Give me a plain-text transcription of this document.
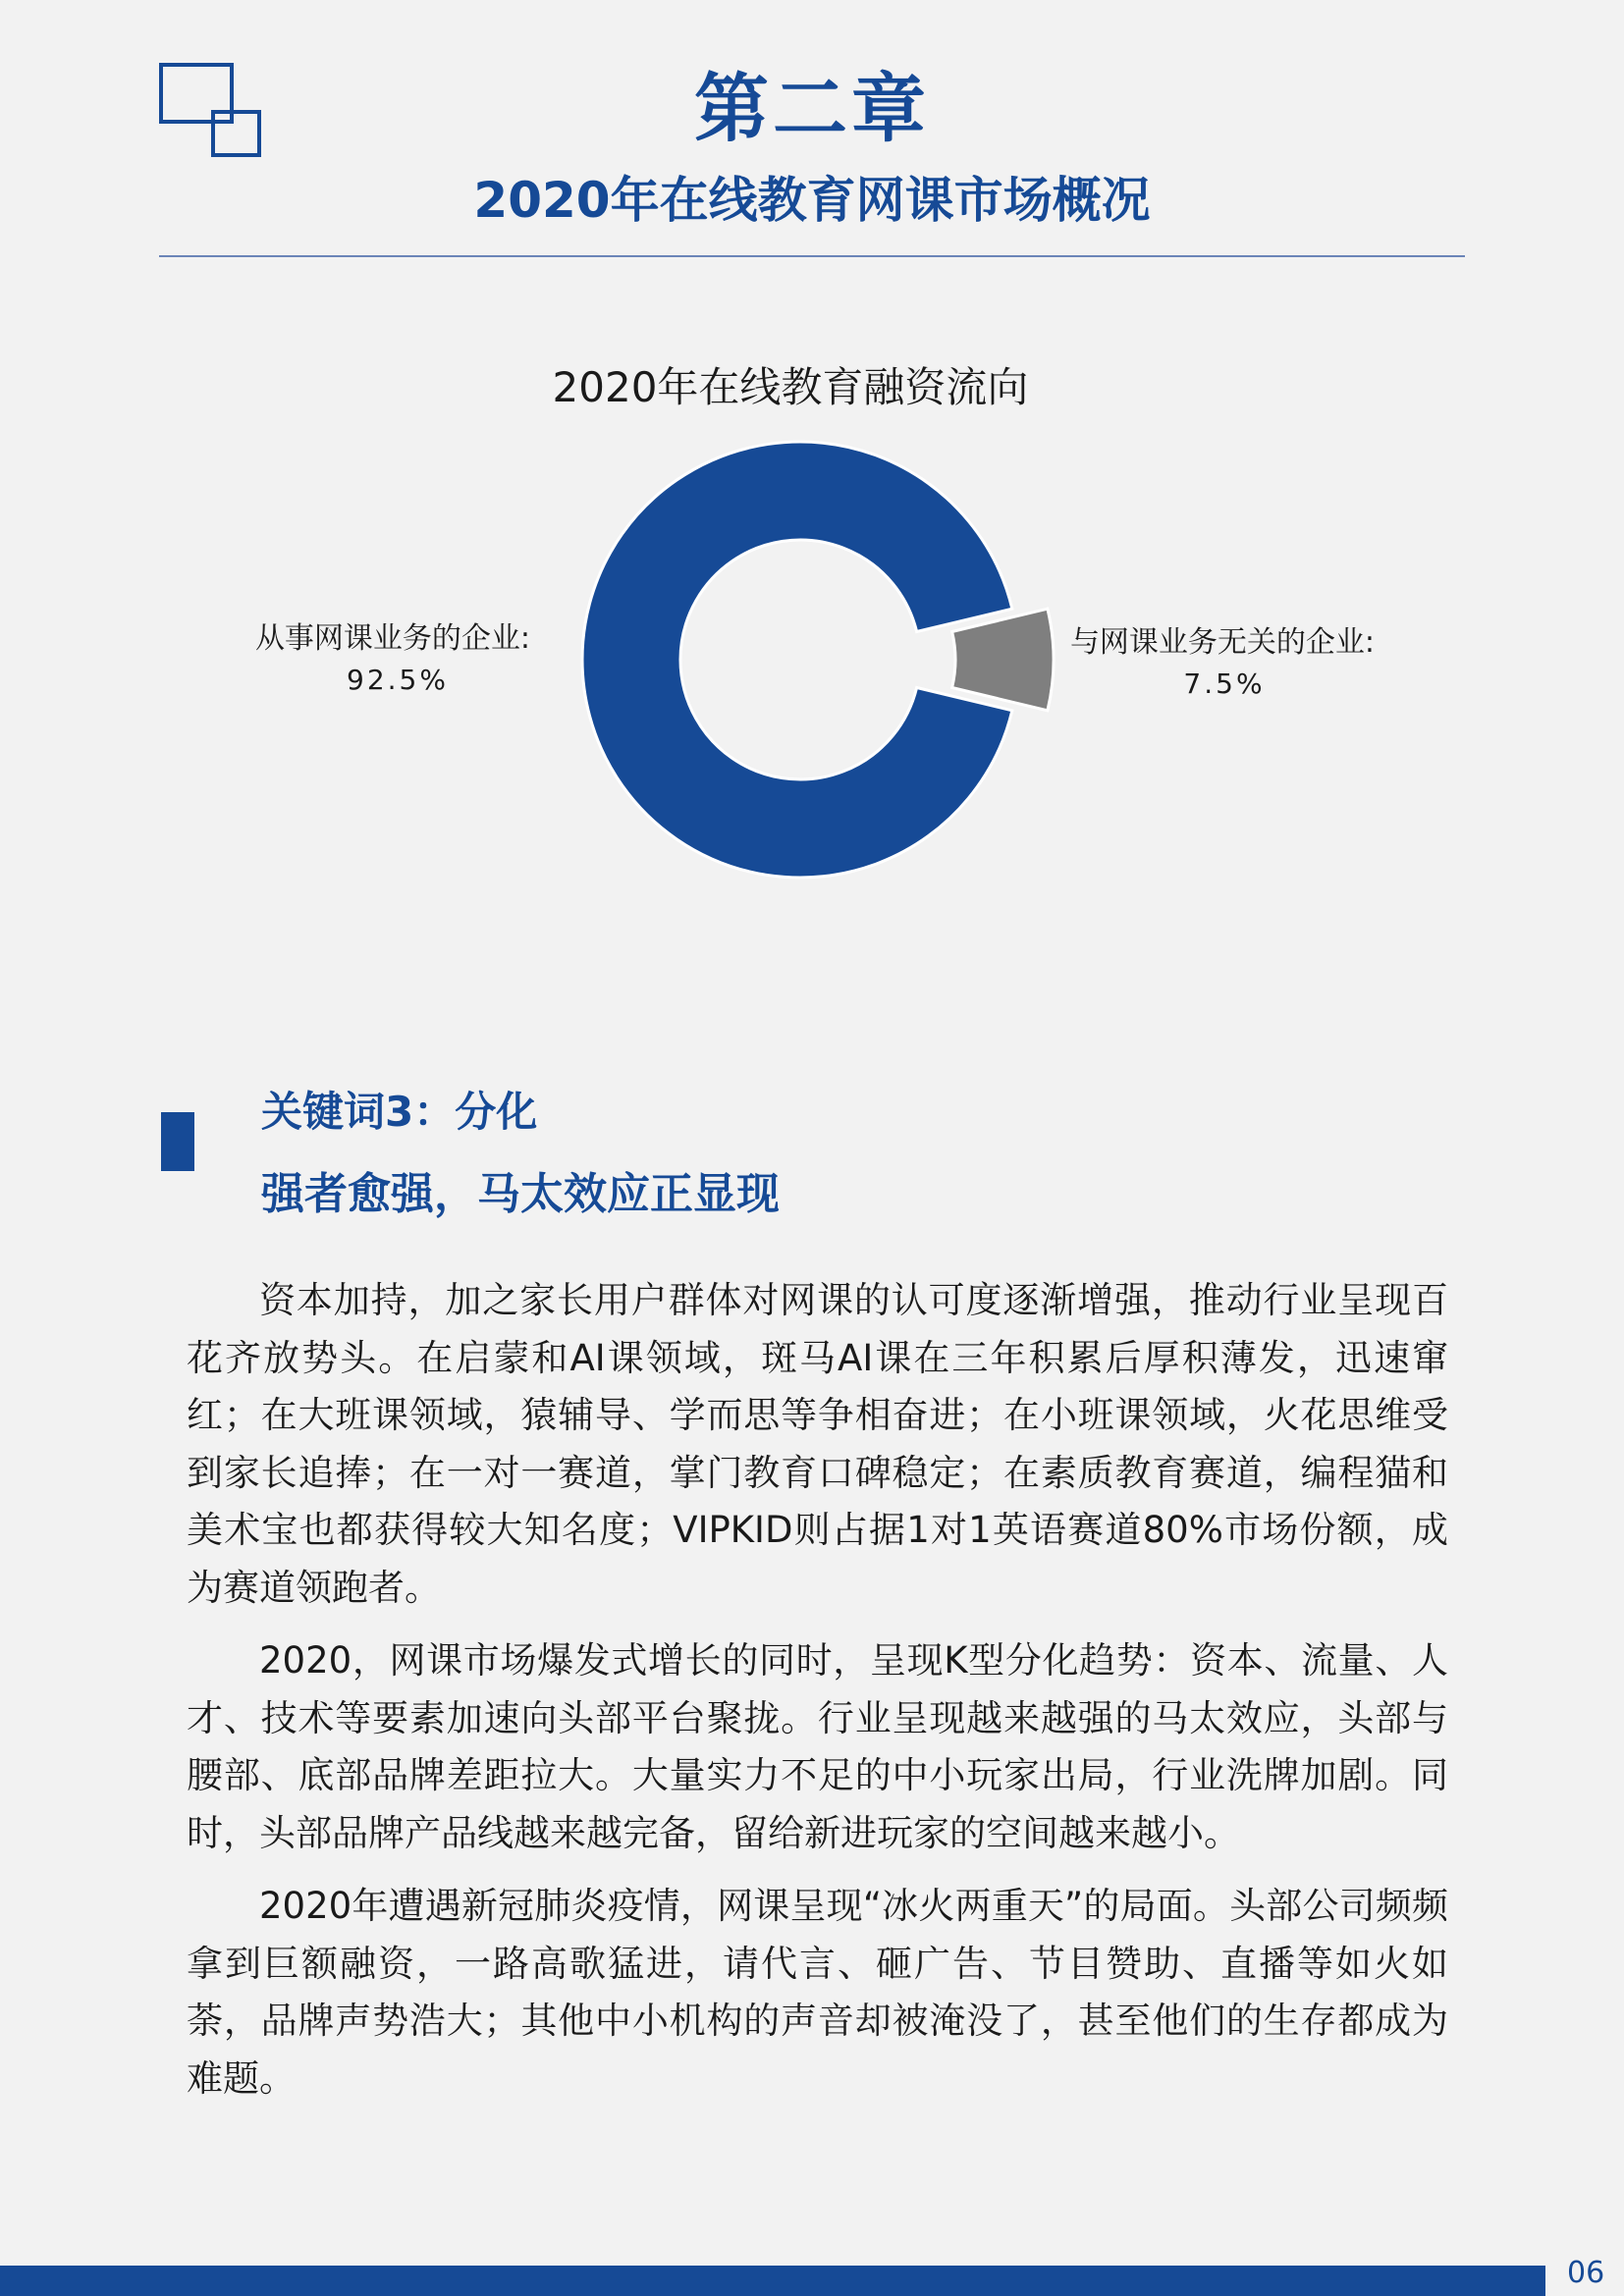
第二章
2020年在线教育网课市场概况
2020年在线教育融资流向
从事网课业务的企业:
92.5%
与网课业务无关的企业:
7.5%
关键词3：分化
强者愈强，马太效应正显现

资本加持，加之家长用户群体对网课的认可度逐渐增强，推动行业呈现百花齐放势头。在启蒙和AI课领域，斑马AI课在三年积累后厚积薄发，迅速窜红；在大班课领域，猿辅导、学而思等争相奋进；在小班课领域，火花思维受到家长追捧；在一对一赛道，掌门教育口碑稳定；在素质教育赛道，编程猫和美术宝也都获得较大知名度；VIPKID则占据1对1英语赛道80%市场份额，成为赛道领跑者。

2020，网课市场爆发式增长的同时，呈现K型分化趋势：资本、流量、人才、技术等要素加速向头部平台聚拢。行业呈现越来越强的马太效应，头部与腰部、底部品牌差距拉大。大量实力不足的中小玩家出局，行业洗牌加剧。同时，头部品牌产品线越来越完备，留给新进玩家的空间越来越小。

2020年遭遇新冠肺炎疫情，网课呈现“冰火两重天”的局面。头部公司频频拿到巨额融资，一路高歌猛进，请代言、砸广告、节目赞助、直播等如火如荼，品牌声势浩大；其他中小机构的声音却被淹没了，甚至他们的生存都成为难题。

06
